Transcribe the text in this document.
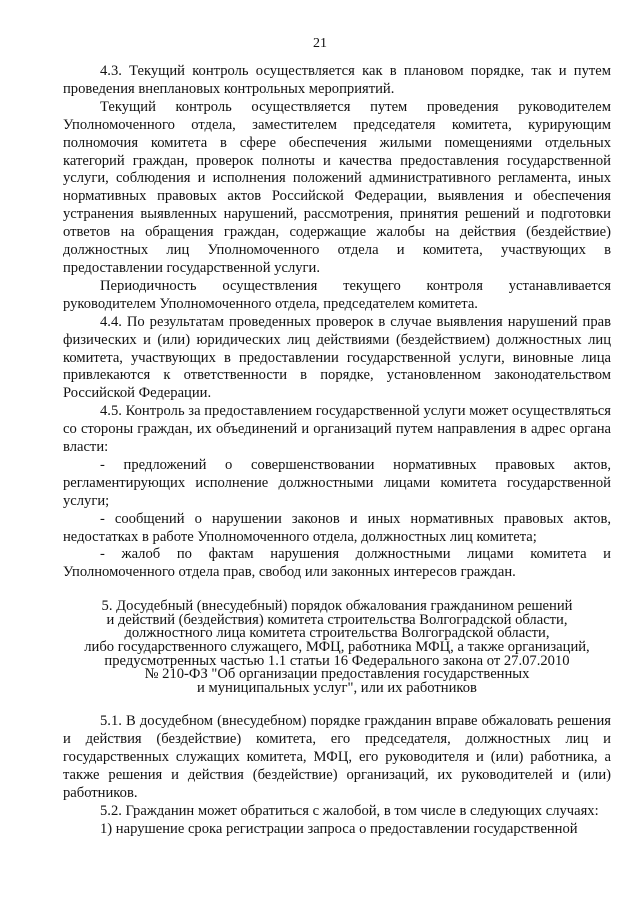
21

4.3. Текущий контроль осуществляется как в плановом порядке, так и путем проведения внеплановых контрольных мероприятий.

Текущий контроль осуществляется путем проведения руководителем Уполномоченного отдела, заместителем председателя комитета, курирующим полномочия комитета в сфере обеспечения жилыми помещениями отдельных категорий граждан, проверок полноты и качества предоставления государственной услуги, соблюдения и исполнения положений административного регламента, иных нормативных правовых актов Российской Федерации, выявления и обеспечения устранения выявленных нарушений, рассмотрения, принятия решений и подготовки ответов на обращения граждан, содержащие жалобы на действия (бездействие) должностных лиц Уполномоченного отдела и комитета, участвующих в предоставлении государственной услуги.

Периодичность осуществления текущего контроля устанавливается руководителем Уполномоченного отдела, председателем комитета.

4.4. По результатам проведенных проверок в случае выявления нарушений прав физических и (или) юридических лиц действиями (бездействием) должностных лиц комитета, участвующих в предоставлении государственной услуги, виновные лица привлекаются к ответственности в порядке, установленном законодательством Российской Федерации.

4.5. Контроль за предоставлением государственной услуги может осуществляться со стороны граждан, их объединений и организаций путем направления в адрес органа власти:

- предложений о совершенствовании нормативных правовых актов, регламентирующих исполнение должностными лицами комитета государственной услуги;

- сообщений о нарушении законов и иных нормативных правовых актов, недостатках в работе Уполномоченного отдела, должностных лиц комитета;

- жалоб по фактам нарушения должностными лицами комитета и Уполномоченного отдела прав, свобод или законных интересов граждан.

5. Досудебный (внесудебный) порядок обжалования гражданином решений
и действий (бездействия) комитета строительства Волгоградской области,
должностного лица комитета строительства Волгоградской области,
либо государственного служащего, МФЦ, работника МФЦ, а также организаций,
предусмотренных частью 1.1 статьи 16 Федерального закона от 27.07.2010
№ 210-ФЗ "Об организации предоставления государственных
и муниципальных услуг", или их работников

5.1. В досудебном (внесудебном) порядке гражданин вправе обжаловать решения и действия (бездействие) комитета, его председателя, должностных лиц и государственных служащих комитета, МФЦ, его руководителя и (или) работника, а также решения и действия (бездействие) организаций, их руководителей и (или) работников.

5.2. Гражданин может обратиться с жалобой, в том числе в следующих случаях:

1) нарушение срока регистрации запроса о предоставлении государственной
